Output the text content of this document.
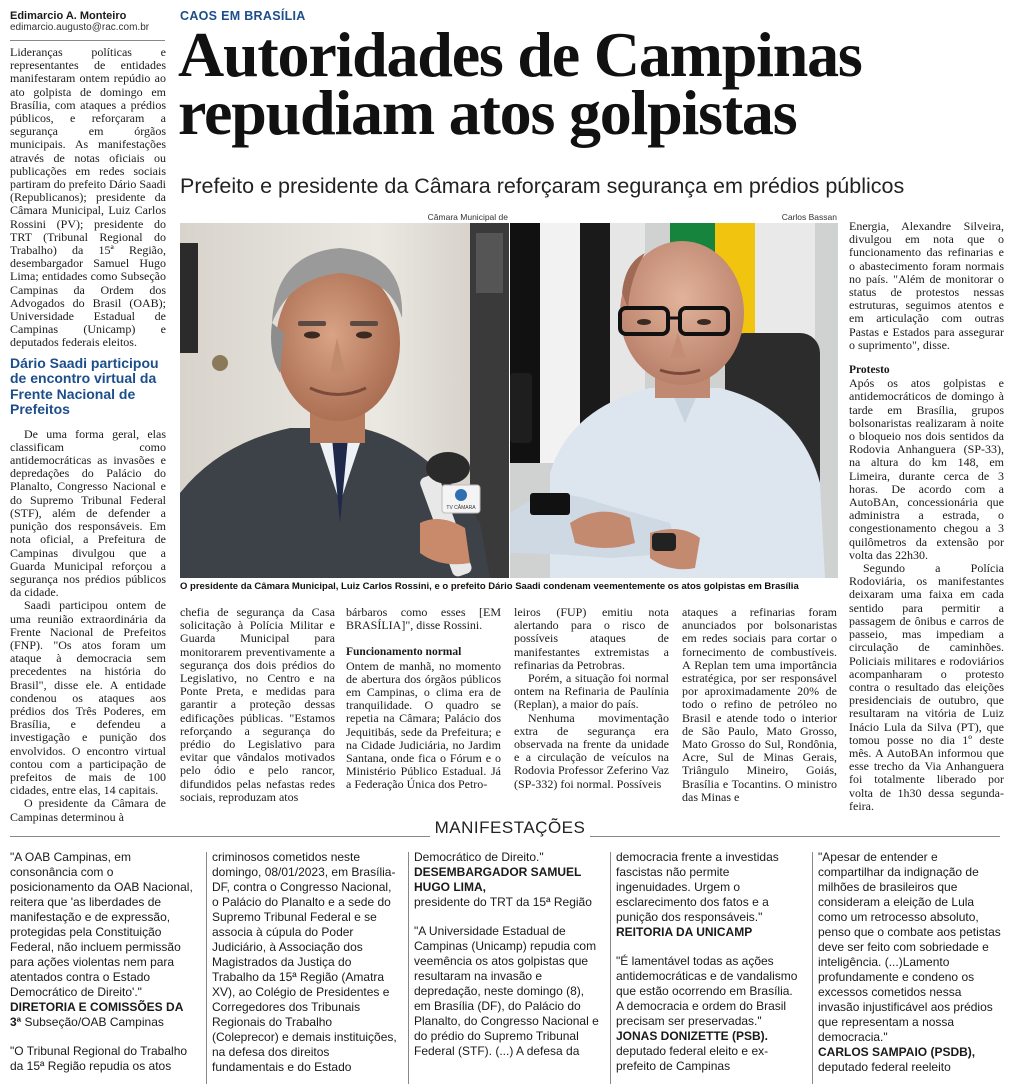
Edimarcio A. Monteiro
edimarcio.augusto@rac.com.br
CAOS EM BRASÍLIA
Autoridades de Campinas
repudiam atos golpistas
Prefeito e presidente da Câmara reforçaram segurança em prédios públicos

Lideranças políticas e representantes de entidades manifestaram ontem repúdio ao ato golpista de domingo em Brasília, com ataques a prédios públicos, e reforçaram a segurança em órgãos municipais. As manifestações através de notas oficiais ou publicações em redes sociais partiram do prefeito Dário Saadi (Republicanos); presidente da Câmara Municipal, Luiz Carlos Rossini (PV); presidente do TRT (Tribunal Regional do Trabalho) da 15ª Região, desembargador Samuel Hugo Lima; entidades como Subseção Campinas da Ordem dos Advogados do Brasil (OAB); Universidade Estadual de Campinas (Unicamp) e deputados federais eleitos.

Dário Saadi participou de encontro virtual da Frente Nacional de Prefeitos

De uma forma geral, elas classificam como antidemocráticas as invasões e depredações do Palácio do Planalto, Congresso Nacional e do Supremo Tribunal Federal (STF), além de defender a punição dos responsáveis. Em nota oficial, a Prefeitura de Campinas divulgou que a Guarda Municipal reforçou a segurança nos prédios públicos da cidade.

Saadi participou ontem de uma reunião extraordinária da Frente Nacional de Prefeitos (FNP). "Os atos foram um ataque à democracia sem precedentes na história do Brasil", disse ele. A entidade condenou os ataques aos prédios dos Três Poderes, em Brasília, e defendeu a investigação e punição dos envolvidos. O encontro virtual contou com a participação de prefeitos de mais de 100 cidades, entre elas, 14 capitais.

O presidente da Câmara de Campinas determinou à

Câmara Municipal de	Carlos Bassan
TV CÂMARA
O presidente da Câmara Municipal, Luiz Carlos Rossini, e o prefeito Dário Saadi condenam veementemente os atos golpistas em Brasília

chefia de segurança da Casa solicitação à Polícia Militar e Guarda Municipal para monitorarem preventivamente a segurança dos dois prédios do Legislativo, no Centro e na Ponte Preta, e medidas para garantir a proteção dessas edificações públicas. "Estamos reforçando a segurança do prédio do Legislativo para evitar que vândalos motivados pelo ódio e pelo rancor, difundidos pelas nefastas redes sociais, reproduzam atos

bárbaros como esses [EM BRASÍLIA]", disse Rossini.

Funcionamento normal

Ontem de manhã, no momento de abertura dos órgãos públicos em Campinas, o clima era de tranquilidade. O quadro se repetia na Câmara; Palácio dos Jequitibás, sede da Prefeitura; e na Cidade Judiciária, no Jardim Santana, onde fica o Fórum e o Ministério Público Estadual. Já a Federação Única dos Petro-

leiros (FUP) emitiu nota alertando para o risco de possíveis ataques de manifestantes extremistas a refinarias da Petrobras.

Porém, a situação foi normal ontem na Refinaria de Paulínia (Replan), a maior do país.

Nenhuma movimentação extra de segurança era observada na frente da unidade e a circulação de veículos na Rodovia Professor Zeferino Vaz (SP-332) foi normal. Possíveis

ataques a refinarias foram anunciados por bolsonaristas em redes sociais para cortar o fornecimento de combustíveis. A Replan tem uma importância estratégica, por ser responsável por aproximadamente 20% de todo o refino de petróleo no Brasil e atende todo o interior de São Paulo, Mato Grosso, Mato Grosso do Sul, Rondônia, Acre, Sul de Minas Gerais, Triângulo Mineiro, Goiás, Brasília e Tocantins. O ministro das Minas e

Energia, Alexandre Silveira, divulgou em nota que o funcionamento das refinarias e o abastecimento foram normais no país. "Além de monitorar o status de protestos nessas estruturas, seguimos atentos e em articulação com outras Pastas e Estados para assegurar o suprimento", disse.

Protesto

Após os atos golpistas e antidemocráticos de domingo à tarde em Brasília, grupos bolsonaristas realizaram à noite o bloqueio nos dois sentidos da Rodovia Anhanguera (SP-33), na altura do km 148, em Limeira, durante cerca de 3 horas. De acordo com a AutoBAn, concessionária que administra a estrada, o congestionamento chegou a 3 quilômetros da extensão por volta das 22h30.

Segundo a Polícia Rodoviária, os manifestantes deixaram uma faixa em cada sentido para permitir a passagem de ônibus e carros de passeio, mas impediam a circulação de caminhões. Policiais militares e rodoviários acompanharam o protesto contra o resultado das eleições presidenciais de outubro, que resultaram na vitória de Luiz Inácio Lula da Silva (PT), que tomou posse no dia 1º deste mês. A AutoBAn informou que esse trecho da Via Anhanguera foi totalmente liberado por volta de 1h30 dessa segunda-feira.

MANIFESTAÇÕES

"A OAB Campinas, em consonância com o posicionamento da OAB Nacional, reitera que 'as liberdades de manifestação e de expressão, protegidas pela Constituição Federal, não incluem permissão para ações violentas nem para atentados contra o Estado Democrático de Direito'."

DIRETORIA E COMISSÕES DA
3ª Subseção/OAB Campinas

"O Tribunal Regional do Trabalho da 15ª Região repudia os atos

criminosos cometidos neste domingo, 08/01/2023, em Brasília-DF, contra o Congresso Nacional, o Palácio do Planalto e a sede do Supremo Tribunal Federal e se associa à cúpula do Poder Judiciário, à Associação dos Magistrados da Justiça do Trabalho da 15ª Região (Amatra XV), ao Colégio de Presidentes e Corregedores dos Tribunais Regionais do Trabalho (Coleprecor) e demais instituições, na defesa dos direitos fundamentais e do Estado

Democrático de Direito."

DESEMBARGADOR SAMUEL HUGO LIMA,
presidente do TRT da 15ª Região

"A Universidade Estadual de Campinas (Unicamp) repudia com veemência os atos golpistas que resultaram na invasão e depredação, neste domingo (8), em Brasília (DF), do Palácio do Planalto, do Congresso Nacional e do prédio do Supremo Tribunal Federal (STF). (...) A defesa da

democracia frente a investidas fascistas não permite ingenuidades. Urgem o esclarecimento dos fatos e a punição dos responsáveis."

REITORIA DA UNICAMP

"É lamentável todas as ações antidemocráticas e de vandalismo que estão ocorrendo em Brasília. A democracia e ordem do Brasil precisam ser preservadas."

JONAS DONIZETTE (PSB).
deputado federal eleito e ex-prefeito de Campinas

"Apesar de entender e compartilhar da indignação de milhões de brasileiros que consideram a eleição de Lula como um retrocesso absoluto, penso que o combate aos petistas deve ser feito com sobriedade e inteligência. (...)Lamento profundamente e condeno os excessos cometidos nessa invasão injustificável aos prédios que representam a nossa democracia."

CARLOS SAMPAIO (PSDB),
deputado federal reeleito
